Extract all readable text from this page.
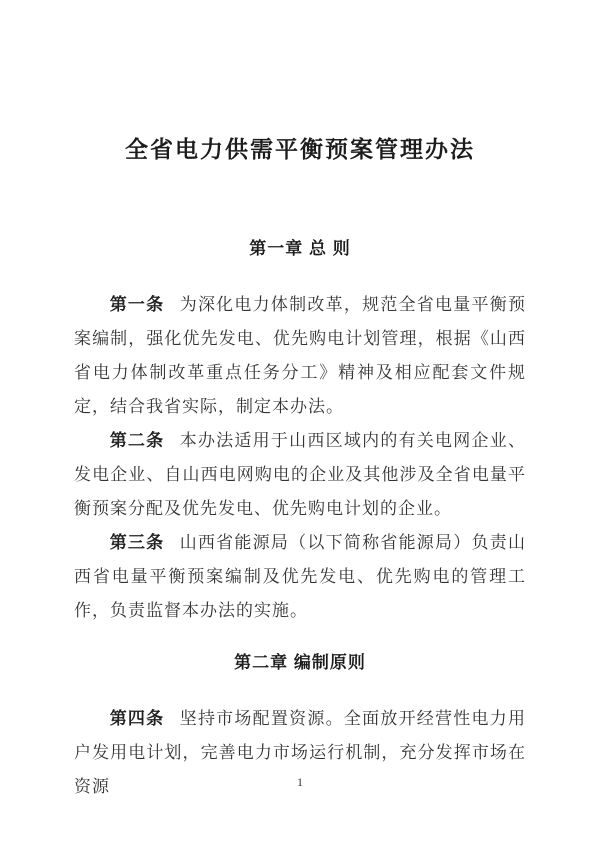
全省电力供需平衡预案管理办法
第一章 总 则

第一条 为深化电力体制改革，规范全省电量平衡预案编制，强化优先发电、优先购电计划管理，根据《山西省电力体制改革重点任务分工》精神及相应配套文件规定，结合我省实际，制定本办法。

第二条 本办法适用于山西区域内的有关电网企业、发电企业、自山西电网购电的企业及其他涉及全省电量平衡预案分配及优先发电、优先购电计划的企业。

第三条 山西省能源局（以下简称省能源局）负责山西省电量平衡预案编制及优先发电、优先购电的管理工作，负责监督本办法的实施。

第二章 编制原则

第四条 坚持市场配置资源。全面放开经营性电力用户发用电计划，完善电力市场运行机制，充分发挥市场在资源	1
